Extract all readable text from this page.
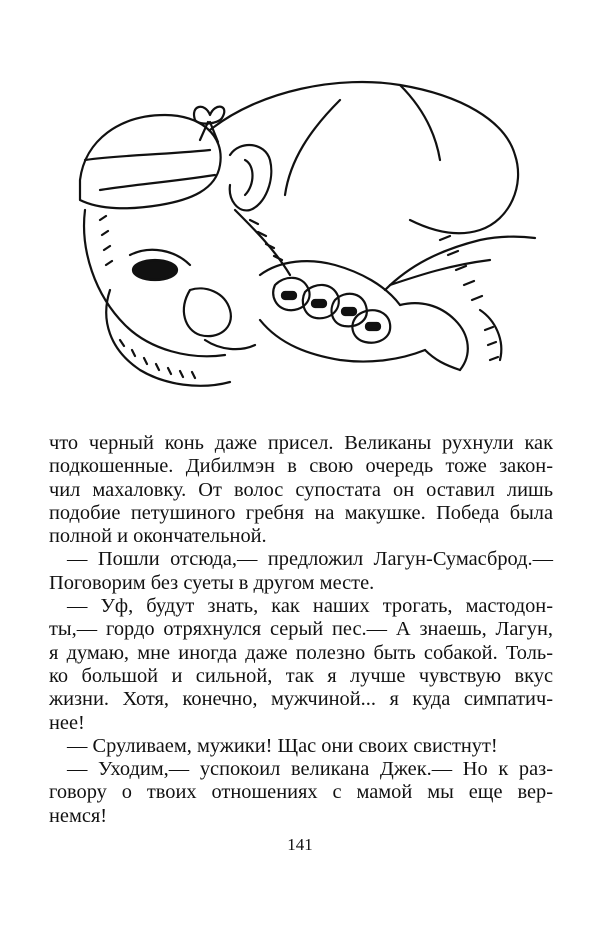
что черный конь даже присел. Великаны рухнули как
подкошенные. Дибилмэн в свою очередь тоже закон-
чил махаловку. От волос супостата он оставил лишь
подобие петушиного гребня на макушке. Победа была
полной и окончательной.
— Пошли отсюда,— предложил Лагун-Сумасброд.—
Поговорим без суеты в другом месте.
— Уф, будут знать, как наших трогать, мастодон-
ты,— гордо отряхнулся серый пес.— А знаешь, Лагун,
я думаю, мне иногда даже полезно быть собакой. Толь-
ко большой и сильной, так я лучше чувствую вкус
жизни. Хотя, конечно, мужчиной... я куда симпатич-
нее!
— Сруливаем, мужики! Щас они своих свистнут!
— Уходим,— успокоил великана Джек.— Но к раз-
говору о твоих отношениях с мамой мы еще вер-
немся!
141
